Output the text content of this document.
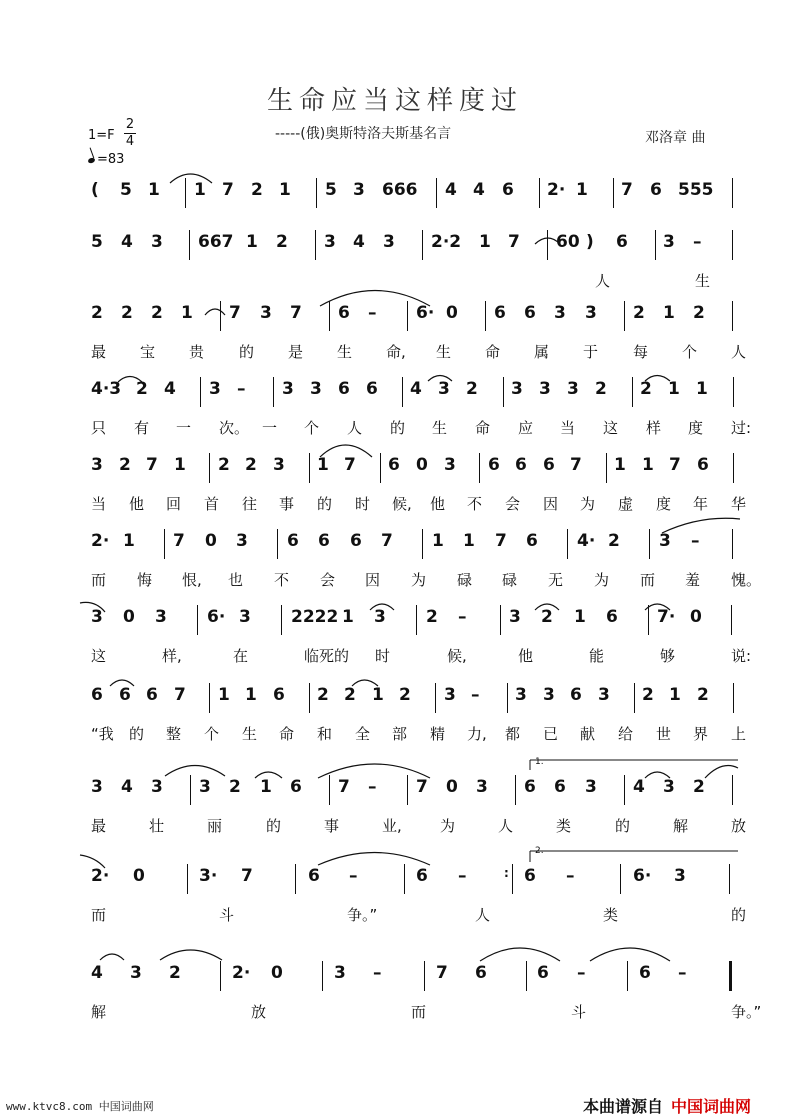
生命应当这样度过
-----(俄)奥斯特洛夫斯基名言	邓洛章 曲
1=F
2
4
=83
( 5 1 1 7 2 1 5 3 666 4 4 6 2· 1 7 6 555
5 4 3 667 1 2 3 4 3 2·2 1 7 60 ) 6 3 –
人	生
2 2 2 1 7 3 7 6 – 6· 0 6 6 3 3 2 1 2
最 宝 贵 的 是 生 命, 生 命 属 于 每 个 人
4·3 2 4 3 – 3 3 6 6 4 3 2 3 3 3 2 2 1 1
只 有 一 次。 一 个 人 的 生 命 应 当 这 样 度 过:
3 2 7 1 2 2 3 1 7 6 0 3 6 6 6 7 1 1 7 6
当 他 回 首 往 事 的 时 候, 他 不 会 因 为 虚 度 年 华
2· 1 7 0 3 6 6 6 7 1 1 7 6 4· 2 3 –
而 悔 恨, 也 不 会 因 为 碌 碌 无 为 而 羞 愧。
3 0 3 6· 3 2222 1 3 2 –	3 2 1 6 7· 0
这	样,	在	临死的 时	候,	他	能	够	说:
6 6 6 7 1 1 6 2 2 1 2 3 – 3 3 6 3 2 1 2
“我 的 整 个 生 命 和 全 部 精 力, 都 已 献 给 世 界 上
3 4 3 3 2 1 6 7 – 7 0 3 6 6 3 4 3 2
最	壮	丽	的	事	业,	为	人	类	的	解	放
1.
2· 0	3· 7	6 –	6 –	: 6 –	6· 3
而	斗	争。”	人	类	的
2.
4 3 2	2· 0	3 –	7 6	6 –	6 –
解	放	而	斗	争。”
www.ktvc8.com 中国词曲网	本曲谱源自 中国词曲网
